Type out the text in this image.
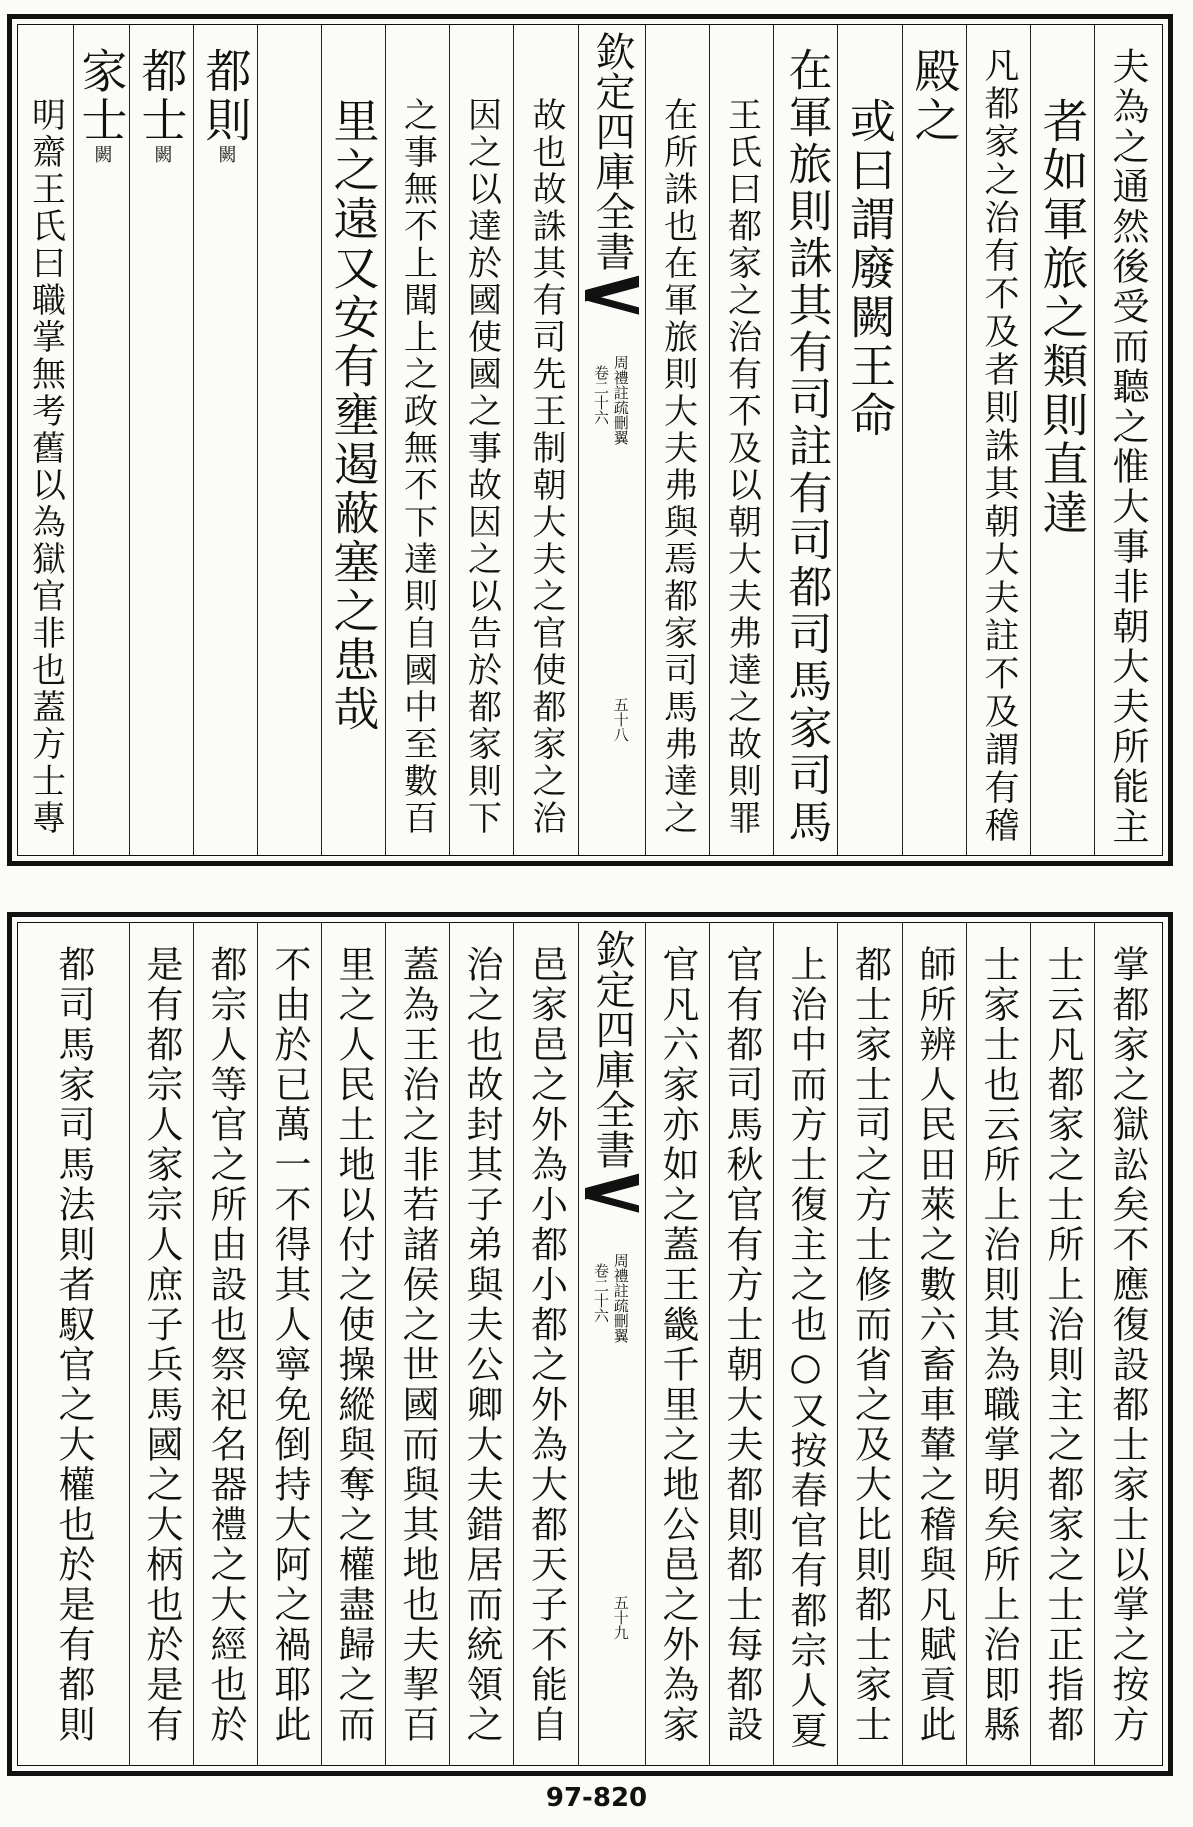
夫為之通然後受而聽之惟大事非朝大夫所能主
者如軍旅之類則直達
凡都家之治有不及者則誅其朝大夫註不及謂有稽
殿之
或曰謂廢闕王命
在軍旅則誅其有司註有司都司馬家司馬
王氏曰都家之治有不及以朝大夫弗達之故則罪
在所誅也在軍旅則大夫弗與焉都家司馬弗達之
欽定四庫全書
周禮註疏刪翼
卷二十六
五十八
故也故誅其有司先王制朝大夫之官使都家之治
因之以達於國使國之事故因之以告於都家則下
之事無不上聞上之政無不下達則自國中至數百
里之遠又安有壅遏蔽塞之患哉
都則闕
都士闕
家士闕
明齋王氏曰職掌無考舊以為獄官非也蓋方士專
掌都家之獄訟矣不應復設都士家士以掌之按方
士云凡都家之士所上治則主之都家之士正指都
士家士也云所上治則其為職掌明矣所上治即縣
師所辨人民田萊之數六畜車輦之稽與凡賦貢此
都士家士司之方士修而省之及大比則都士家士
上治中而方士復主之也○又按春官有都宗人夏
官有都司馬秋官有方士朝大夫都則都士每都設
官凡六家亦如之蓋王畿千里之地公邑之外為家
欽定四庫全書
周禮註疏刪翼
卷二十六
五十九
邑家邑之外為小都小都之外為大都天子不能自
治之也故封其子弟與夫公卿大夫錯居而統領之
蓋為王治之非若諸侯之世國而與其地也夫挈百
里之人民土地以付之使操縱與奪之權盡歸之而
不由於已萬一不得其人寧免倒持大阿之禍耶此
都宗人等官之所由設也祭祀名器禮之大經也於
是有都宗人家宗人庶子兵馬國之大柄也於是有
都司馬家司馬法則者馭官之大權也於是有都則
97-820
